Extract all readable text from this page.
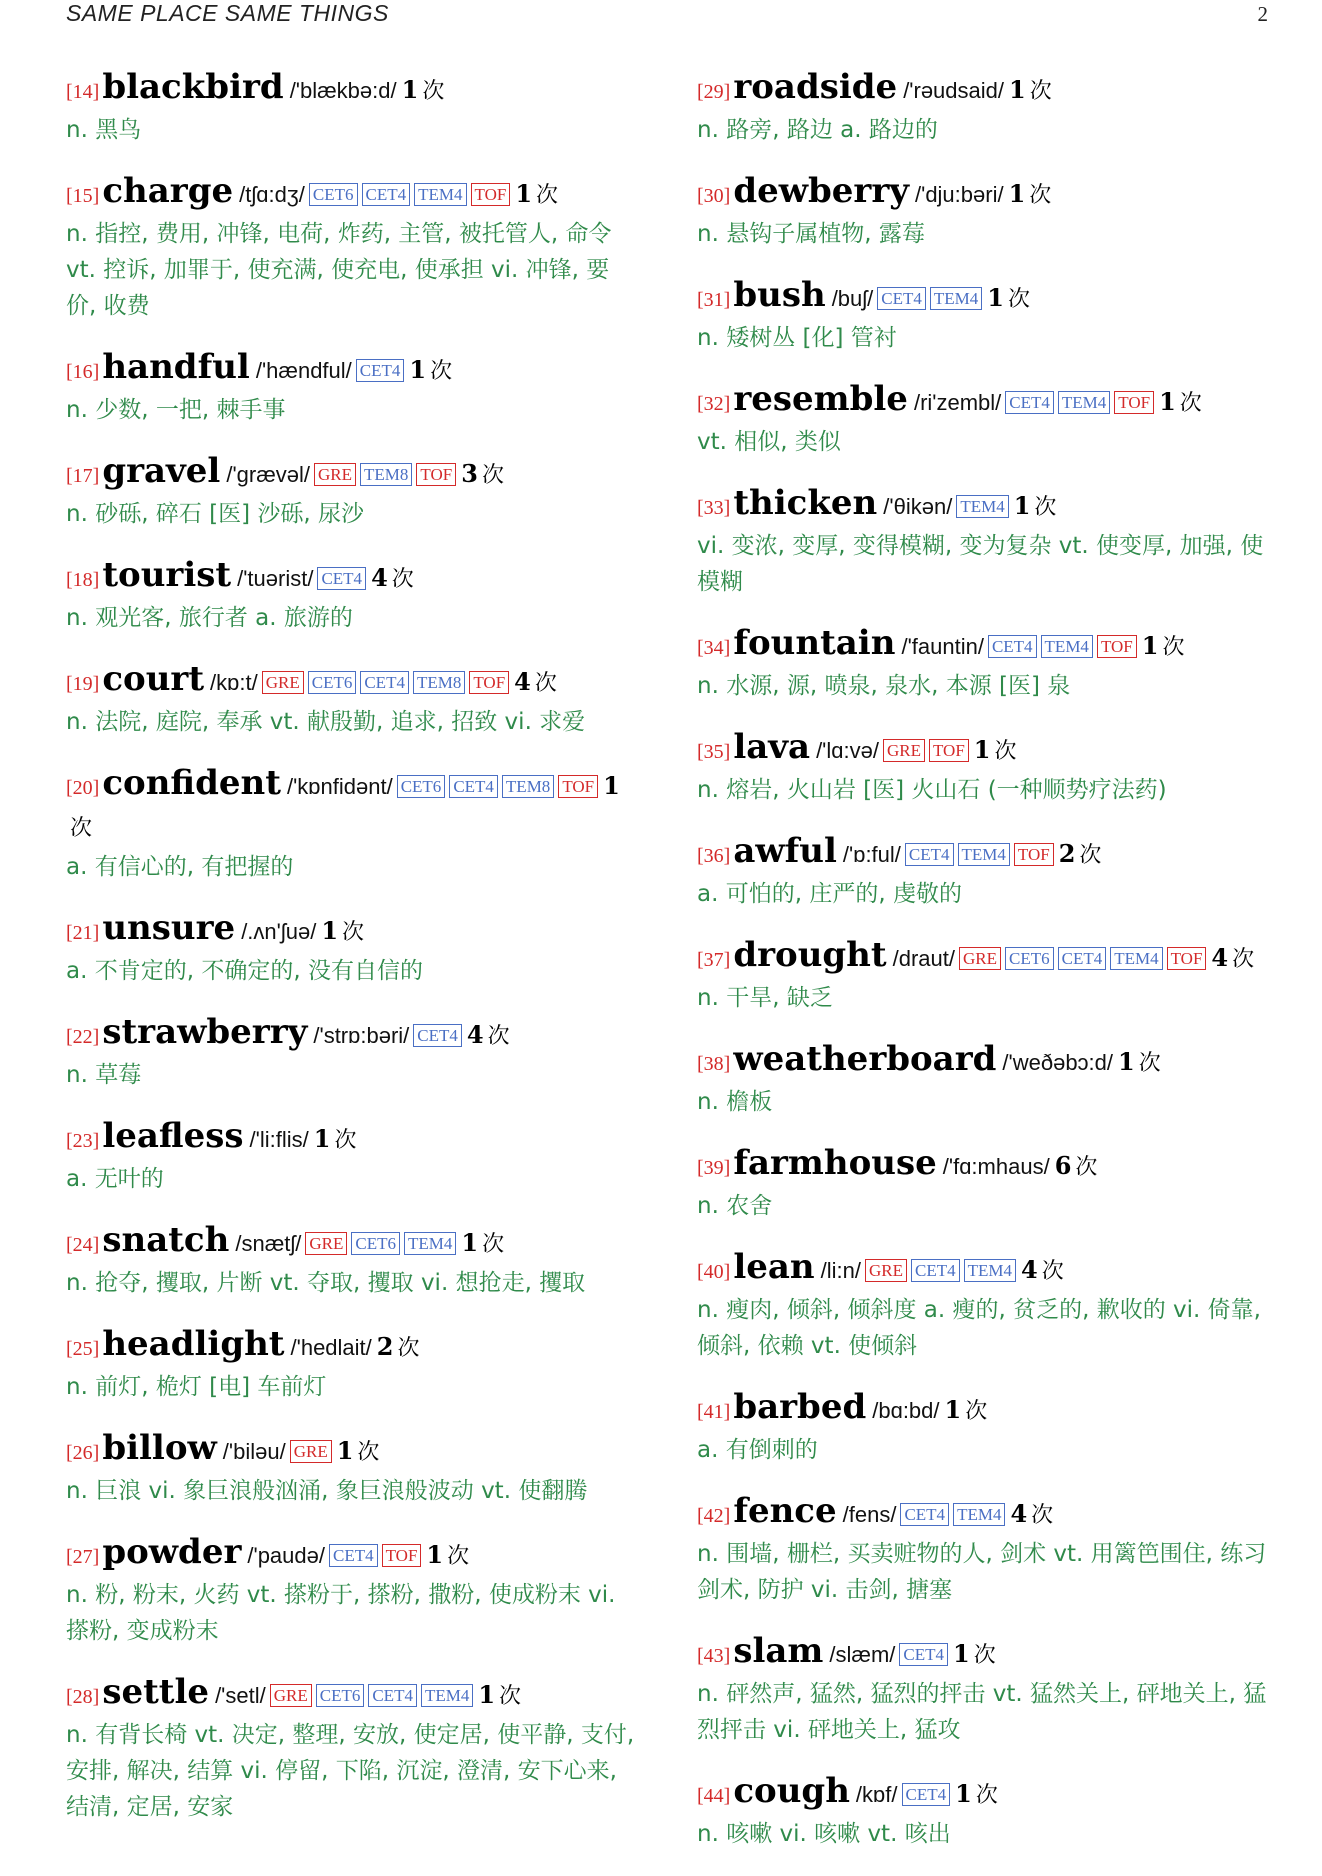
SAME PLACE SAME THINGS	2
[14]blackbird /'blækbə:d/ 1 次
n. 黑鸟
[15]charge /tʃɑ:dʒ/ CET6 CET4 TEM4 TOF 1 次
n. 指控, 费用, 冲锋, 电荷, 炸药, 主管, 被托管人, 命令 vt. 控诉, 加罪于, 使充满, 使充电, 使承担 vi. 冲锋, 要价, 收费
[16]handful /'hændful/ CET4 1 次
n. 少数, 一把, 棘手事
[17]gravel /'grævəl/ GRE TEM8 TOF 3 次
n. 砂砾, 碎石 [医] 沙砾, 尿沙
[18]tourist /'tuərist/ CET4 4 次
n. 观光客, 旅行者 a. 旅游的
[19]court /kɒ:t/ GRE CET6 CET4 TEM8 TOF 4 次
n. 法院, 庭院, 奉承 vt. 献殷勤, 追求, 招致 vi. 求爱
[20]confident /'kɒnfidənt/ CET6 CET4 TEM8 TOF 1次
a. 有信心的, 有把握的
[21]unsure /.ʌn'ʃuə/ 1 次
a. 不肯定的, 不确定的, 没有自信的
[22]strawberry /'strɒ:bəri/ CET4 4 次
n. 草莓
[23]leafless /'li:flis/ 1 次
a. 无叶的
[24]snatch /snætʃ/ GRE CET6 TEM4 1 次
n. 抢夺, 攫取, 片断 vt. 夺取, 攫取 vi. 想抢走, 攫取
[25]headlight /'hedlait/ 2 次
n. 前灯, 桅灯 [电] 车前灯
[26]billow /'biləu/ GRE 1 次
n. 巨浪 vi. 象巨浪般汹涌, 象巨浪般波动 vt. 使翻腾
[27]powder /'paudə/ CET4 TOF 1 次
n. 粉, 粉末, 火药 vt. 搽粉于, 搽粉, 撒粉, 使成粉末 vi. 搽粉, 变成粉末
[28]settle /'setl/ GRE CET6 CET4 TEM4 1 次
n. 有背长椅 vt. 决定, 整理, 安放, 使定居, 使平静, 支付, 安排, 解决, 结算 vi. 停留, 下陷, 沉淀, 澄清, 安下心来, 结清, 定居, 安家
[29]roadside /'rəudsaid/ 1 次
n. 路旁, 路边 a. 路边的
[30]dewberry /'dju:bəri/ 1 次
n. 悬钩子属植物, 露莓
[31]bush /buʃ/ CET4 TEM4 1 次
n. 矮树丛 [化] 管衬
[32]resemble /ri'zembl/ CET4 TEM4 TOF 1 次
vt. 相似, 类似
[33]thicken /'θikən/ TEM4 1 次
vi. 变浓, 变厚, 变得模糊, 变为复杂 vt. 使变厚, 加强, 使模糊
[34]fountain /'fauntin/ CET4 TEM4 TOF 1 次
n. 水源, 源, 喷泉, 泉水, 本源 [医] 泉
[35]lava /'lɑ:və/ GRE TOF 1 次
n. 熔岩, 火山岩 [医] 火山石 (一种顺势疗法药)
[36]awful /'ɒ:ful/ CET4 TEM4 TOF 2 次
a. 可怕的, 庄严的, 虔敬的
[37]drought /draut/ GRE CET6 CET4 TEM4 TOF 4 次
n. 干旱, 缺乏
[38]weatherboard /'weðəbɔ:d/ 1 次
n. 檐板
[39]farmhouse /'fɑ:mhaus/ 6 次
n. 农舍
[40]lean /li:n/ GRE CET4 TEM4 4 次
n. 瘦肉, 倾斜, 倾斜度 a. 瘦的, 贫乏的, 歉收的 vi. 倚靠, 倾斜, 依赖 vt. 使倾斜
[41]barbed /bɑ:bd/ 1 次
a. 有倒刺的
[42]fence /fens/ CET4 TEM4 4 次
n. 围墙, 栅栏, 买卖赃物的人, 剑术 vt. 用篱笆围住, 练习剑术, 防护 vi. 击剑, 搪塞
[43]slam /slæm/ CET4 1 次
n. 砰然声, 猛然, 猛烈的抨击 vt. 猛然关上, 砰地关上, 猛烈抨击 vi. 砰地关上, 猛攻
[44]cough /kɒf/ CET4 1 次
n. 咳嗽 vi. 咳嗽 vt. 咳出
